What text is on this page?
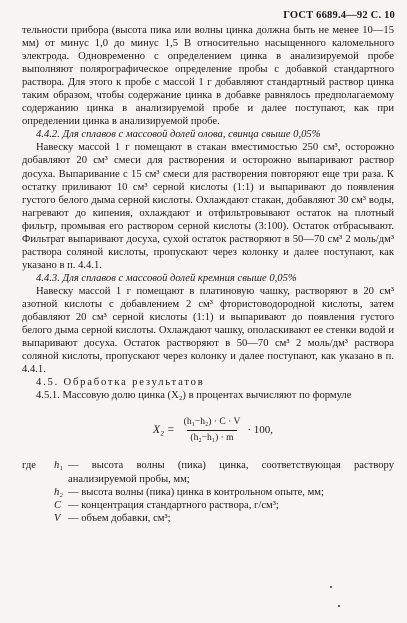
ГОСТ 6689.4—92 С. 10

тельности прибора (высота пика или волны цинка должна быть не менее 10—15 мм) от минус 1,0 до минус 1,5 В относительно насыщенного каломельного электрода. Одновременно с определением цинка в анализируемой пробе выполняют полярографическое определение пробы с добавкой стандартного раствора. Для этого к пробе с массой 1 г добавляют стандартный раствор цинка таким образом, чтобы содержание цинка в добавке равнялось предполагаемому содержанию цинка в анализируемой пробе и далее поступают, как при определении цинка в анализируемой пробе.

4.4.2. Для сплавов с массовой долей олова, свинца свыше 0,05%

Навеску массой 1 г помещают в стакан вместимостью 250 см³, осторожно добавляют 20 см³ смеси для растворения и осторожно выпаривают раствор досуха. Выпаривание с 15 см³ смеси для растворения повторяют еще три раза. К остатку приливают 10 см³ серной кислоты (1:1) и выпаривают до появления густого белого дыма серной кислоты. Охлаждают стакан, добавляют 30 см³ воды, нагревают до кипения, охлаждают и отфильтровывают остаток на плотный фильтр, промывая его раствором серной кислоты (3:100). Остаток отбрасывают. Фильтрат выпаривают досуха, сухой остаток растворяют в 50—70 см³ 2 моль/дм³ раствора соляной кислоты, пропускают через колонку и далее поступают, как указано в п. 4.4.1.

4.4.3. Для сплавов с массовой долей кремния свыше 0,05%

Навеску массой 1 г помещают в платиновую чашку, растворяют в 20 см³ азотной кислоты с добавлением 2 см³ фтористоводородной кислоты, затем добавляют 20 см³ серной кислоты (1:1) и выпаривают до появления густого белого дыма серной кислоты. Охлаждают чашку, ополаскивают ее стенки водой и выпаривают досуха. Остаток растворяют в 50—70 см³ 2 моль/дм³ раствора соляной кислоты, пропускают через колонку и далее поступают, как указано в п. 4.4.1.

4.5. Обработка результатов

4.5.1. Массовую долю цинка (X₂) в процентах вычисляют по формуле

$X_2 = \frac{\text{(h₁−h₂) · C · V}}{\text{(h₂−h₁) · m}} \cdot 100$,
где	h₁ — высота волны (пика) цинка, соответствующая раствору анализируемой пробы, мм;
h₂ — высота волны (пика) цинка в контрольном опыте, мм;
C — концентрация стандартного раствора, г/см³;
V — объем добавки, см³;
